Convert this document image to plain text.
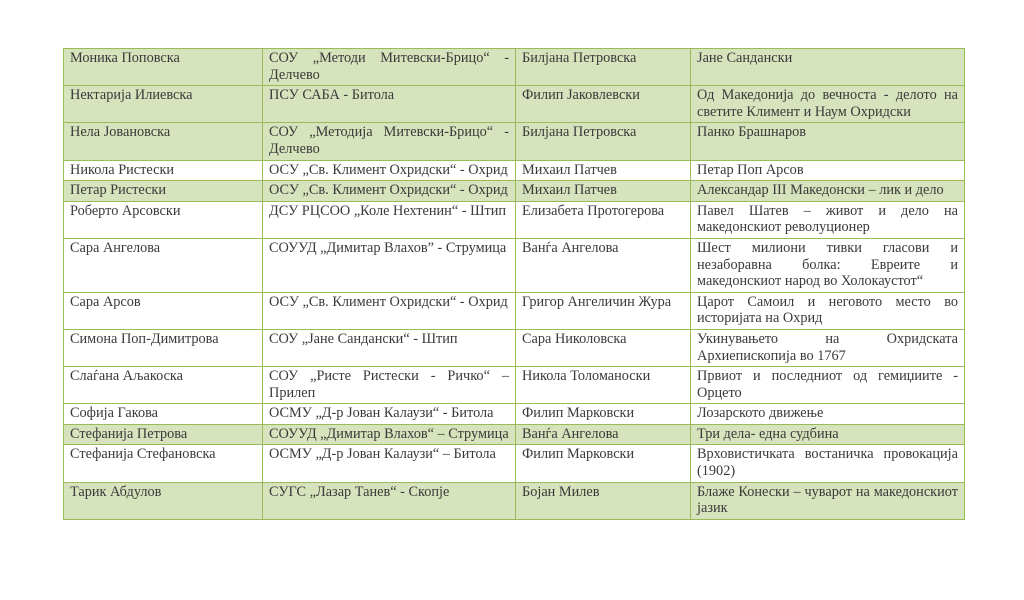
Моника Поповска	СОУ „Методи Митевски-Брицо“ - Делчево	Билјана Петровска	Јане Сандански
Нектарија Илиевска	ПСУ САБА - Битола	Филип Јаковлевски	Од Македонија до вечноста - делото на светите Климент и Наум Охридски
Нела Јовановска	СОУ „Методија Митевски-Брицо“ - Делчево	Билјана Петровска	Панко Брашнаров
Никола Ристески	ОСУ „Св. Климент Охридски“ - Охрид	Михаил Патчев	Петар Поп Арсов
Петар Ристески	ОСУ „Св. Климент Охридски“ - Охрид	Михаил Патчев	Александар III Македонски – лик и дело
Роберто Арсовски	ДСУ РЦСОО „Коле Нехтенин“ - Штип	Елизабета Протогерова	Павел Шатев – живот и дело на македонскиот револуционер
Сара Ангелова	СОУУД „Димитар Влахов” - Струмица	Ванѓа Ангелова	Шест милиони тивки гласови и незаборавна болка: Евреите и македонскиот народ во Холокаустот“
Сара Арсов	ОСУ „Св. Климент Охридски“ - Охрид	Григор Ангеличин Жура	Царот Самоил и неговото место во историјата на Охрид
Симона Поп-Димитрова	СОУ „Јане Сандански“ - Штип	Сара Николовска	Укинувањето на Охридската Архиепископија во 1767
Слаѓана Аљакоска	СОУ „Ристе Ристески - Ричко“ – Прилеп	Никола Толоманоски	Првиот и последниот од гемиџиите - Орцето
Софија Гакова	ОСМУ „Д-р Јован Калаузи“ - Битола	Филип Марковски	Лозарското движење
Стефанија Петрова	СОУУД „Димитар Влахов“ – Струмица	Ванѓа Ангелова	Три дела- една судбина
Стефанија Стефановска	ОСМУ „Д-р Јован Калаузи“ – Битола	Филип Марковски	Врховистичката востаничка провокација (1902)
Тарик Абдулов	СУГС „Лазар Танев“ - Скопје	Бојан Милев	Блаже Конески – чуварот на македонскиот јазик
